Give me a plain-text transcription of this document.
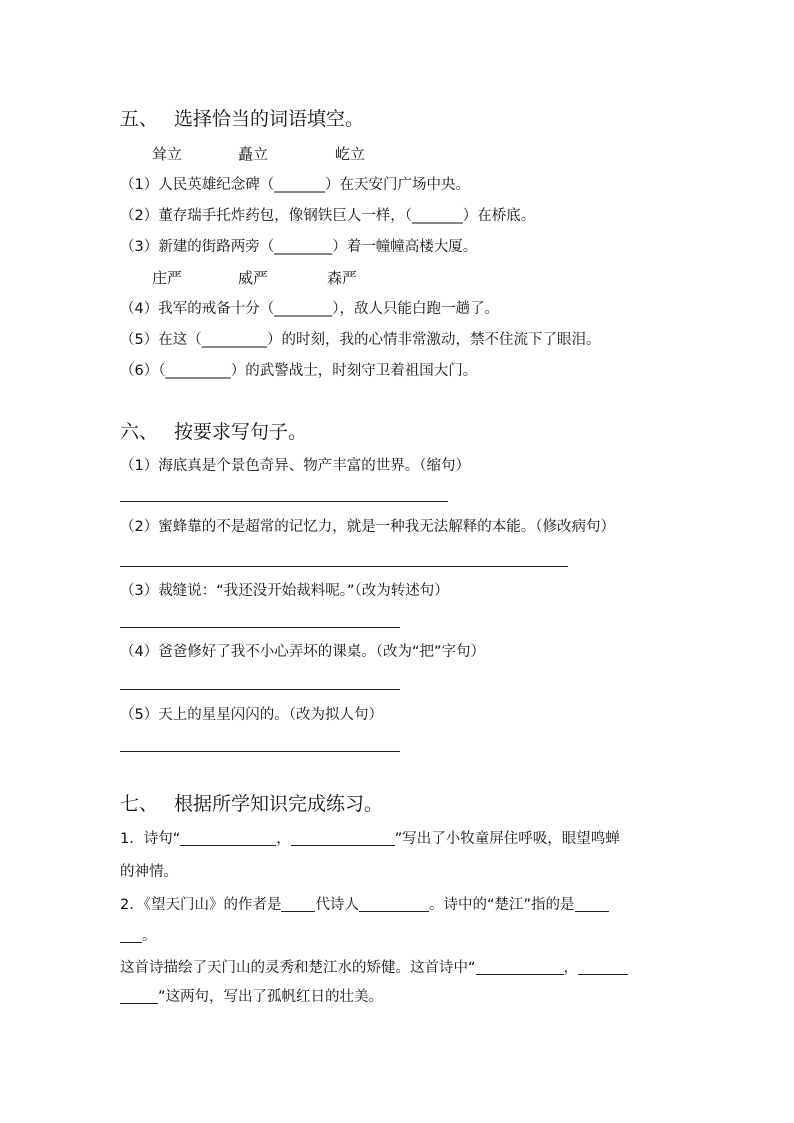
五、 选择恰当的词语填空。
耸立	矗立	屹立
（1）人民英雄纪念碑（_______）在天安门广场中央。
（2）董存瑞手托炸药包，像钢铁巨人一样，（_______）在桥底。
（3）新建的街路两旁（________）着一幢幢高楼大厦。
庄严	威严	森严
（4）我军的戒备十分（________），敌人只能白跑一趟了。
（5）在这（_________）的时刻，我的心情非常激动，禁不住流下了眼泪。
（6）（_________）的武警战士，时刻守卫着祖国大门。
六、 按要求写句子。
（1）海底真是个景色奇异、物产丰富的世界。（缩句）
（2）蜜蜂靠的不是超常的记忆力，就是一种我无法解释的本能。（修改病句）
（3）裁缝说：“我还没开始裁料呢。”（改为转述句）
（4）爸爸修好了我不小心弄坏的课桌。（改为“把”字句）
（5）天上的星星闪闪的。（改为拟人句）
七、 根据所学知识完成练习。
1．诗句“	，	”写出了小牧童屏住呼吸，眼望鸣蝉
的神情。
2．《望天门山》的作者是 代诗人	。诗中的“楚江”指的是
。
这首诗描绘了天门山的灵秀和楚江水的矫健。这首诗中“	，
”这两句，写出了孤帆红日的壮美。
